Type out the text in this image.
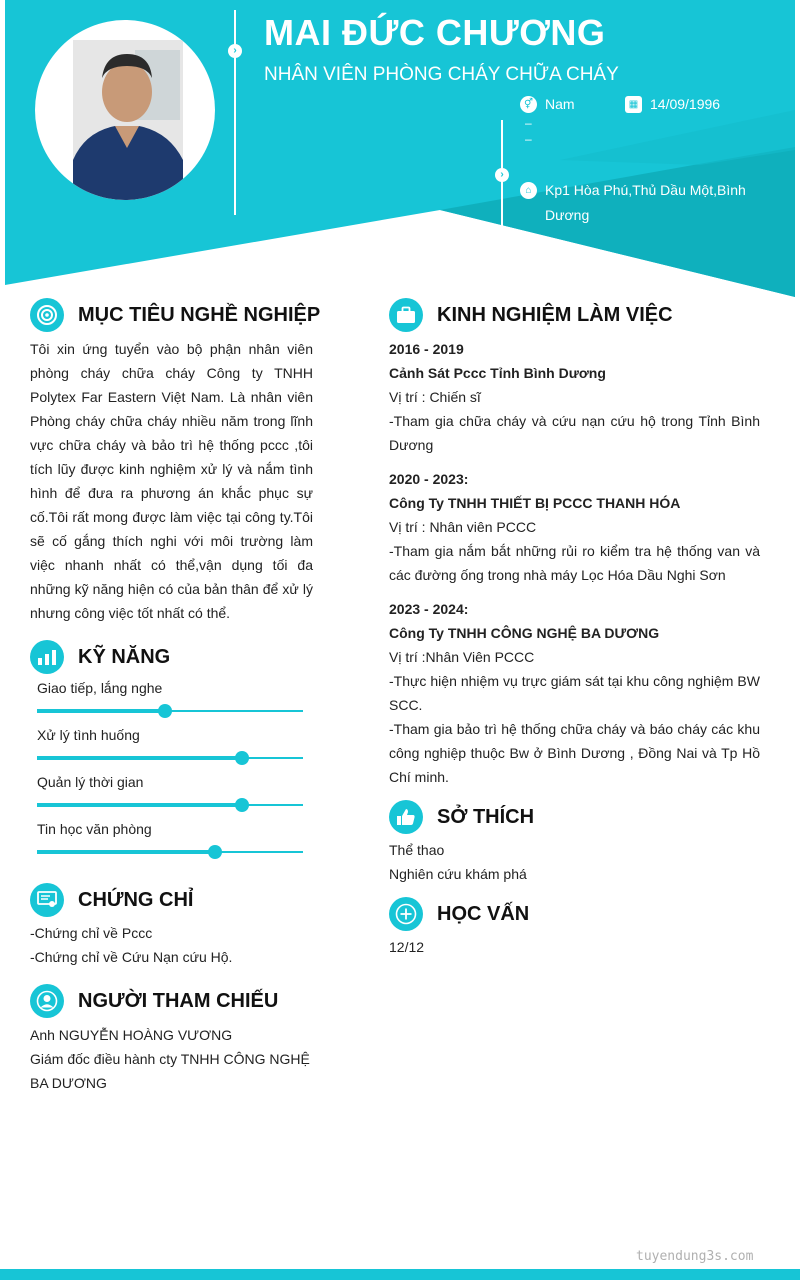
›
›
MAI ĐỨC CHƯƠNG
NHÂN VIÊN PHÒNG CHÁY CHỮA CHÁY
⚥ Nam	▦ 14/09/1996
–
–
⌂ Kp1 Hòa Phú,Thủ Dầu Một,Bình Dương
MỤC TIÊU NGHỀ NGHIỆP
Tôi xin ứng tuyển vào bộ phận nhân viên phòng cháy chữa cháy Công ty TNHH Polytex Far Eastern Việt Nam. Là nhân viên Phòng cháy chữa cháy nhiều năm trong lĩnh vực chữa cháy và bảo trì hệ thống pccc ,tôi tích lũy được kinh nghiệm xử lý và nắm tình hình để đưa ra phương án khắc phục sự cố.Tôi rất mong được làm việc tại công ty.Tôi sẽ cố gắng thích nghi với môi trường làm việc nhanh nhất có thể,vận dụng tối đa những kỹ năng hiện có của bản thân để xử lý nhưng công việc tốt nhất có thể.
KỸ NĂNG
Giao tiếp, lắng nghe
Xử lý tình huống
Quản lý thời gian
Tin học văn phòng
CHỨNG CHỈ
-Chứng chỉ về Pccc
-Chứng chỉ về Cứu Nạn cứu Hộ.
NGƯỜI THAM CHIẾU
Anh NGUYỄN HOÀNG VƯƠNG
Giám đốc điều hành cty TNHH CÔNG NGHỆ BA DƯƠNG
KINH NGHIỆM LÀM VIỆC
2016 - 2019
Cảnh Sát Pccc Tỉnh Bình Dương
Vị trí : Chiến sĩ
-Tham gia chữa cháy và cứu nạn cứu hộ trong Tỉnh Bình Dương
2020 - 2023:
Công Ty TNHH THIẾT BỊ PCCC THANH HÓA
Vị trí : Nhân viên PCCC
-Tham gia nắm bắt những rủi ro kiểm tra hệ thống van và các đường ống trong nhà máy Lọc Hóa Dầu Nghi Sơn
2023 - 2024:
Công Ty TNHH CÔNG NGHỆ BA DƯƠNG
Vị trí :Nhân Viên PCCC
-Thực hiện nhiệm vụ trực giám sát tại khu công nghiệm BW SCC.
-Tham gia bảo trì hệ thống chữa cháy và báo cháy các khu công nghiệp thuộc Bw ở Bình Dương , Đồng Nai và Tp Hồ Chí minh.
SỞ THÍCH
Thể thao
Nghiên cứu khám phá
HỌC VẤN
12/12
tuyendung3s.com
